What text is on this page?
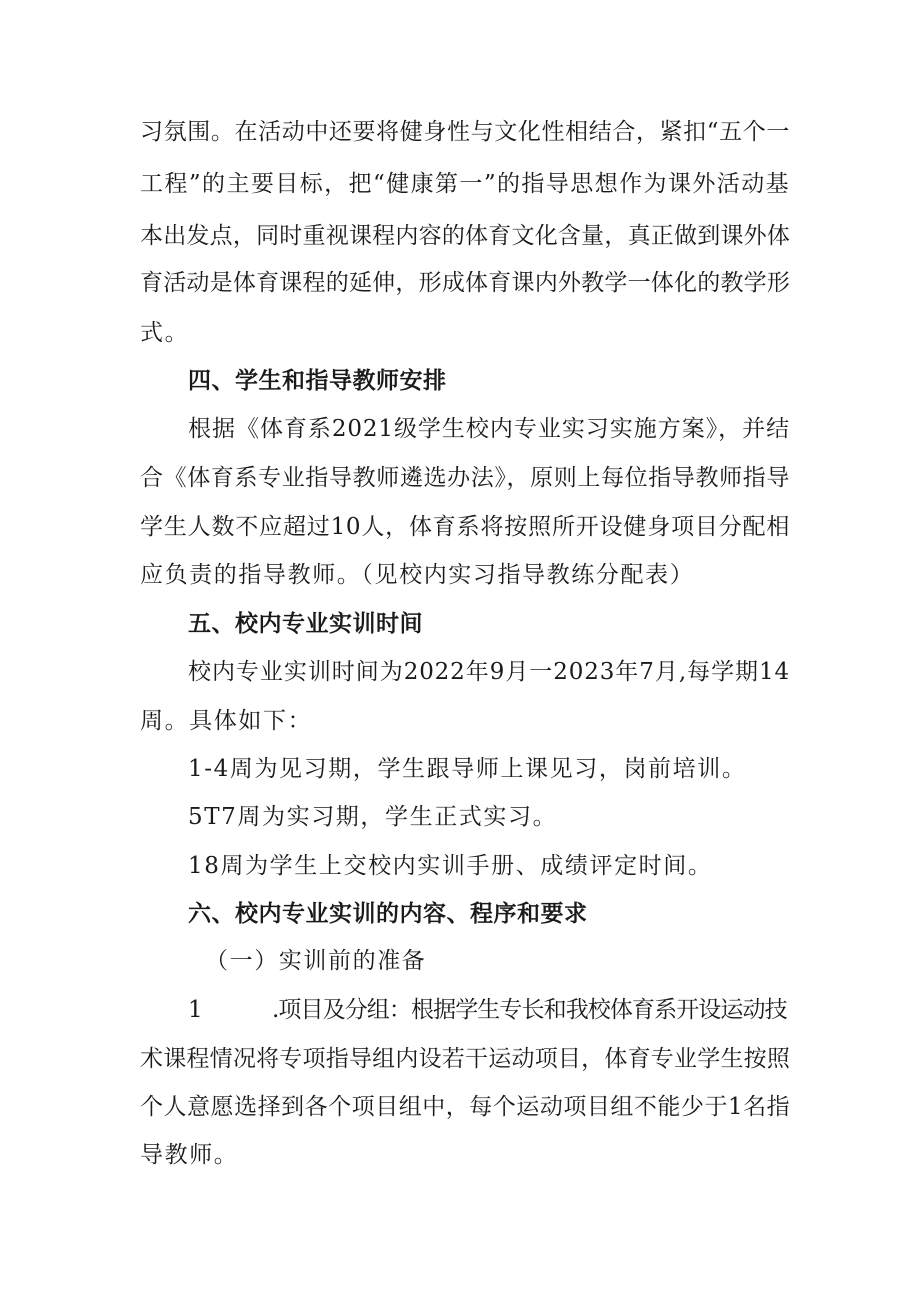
习氛围。在活动中还要将健身性与文化性相结合，紧扣“五个一
工程”的主要目标，把“健康第一”的指导思想作为课外活动基
本出发点，同时重视课程内容的体育文化含量，真正做到课外体
育活动是体育课程的延伸，形成体育课内外教学一体化的教学形
式。
四、学生和指导教师安排
根据《体育系2021级学生校内专业实习实施方案》，并结
合《体育系专业指导教师遴选办法》，原则上每位指导教师指导
学生人数不应超过10人，体育系将按照所开设健身项目分配相
应负责的指导教师。（见校内实习指导教练分配表）
五、校内专业实训时间
校内专业实训时间为2022年9月一2023年7月,每学期14
周。具体如下：
1-4周为见习期，学生跟导师上课见习，岗前培训。
5T7周为实习期，学生正式实习。
18周为学生上交校内实训手册、成绩评定时间。
六、校内专业实训的内容、程序和要求
（一）实训前的准备
1	.项目及分组：根据学生专长和我校体育系开设运动技
术课程情况将专项指导组内设若干运动项目，体育专业学生按照
个人意愿选择到各个项目组中，每个运动项目组不能少于1名指
导教师。
